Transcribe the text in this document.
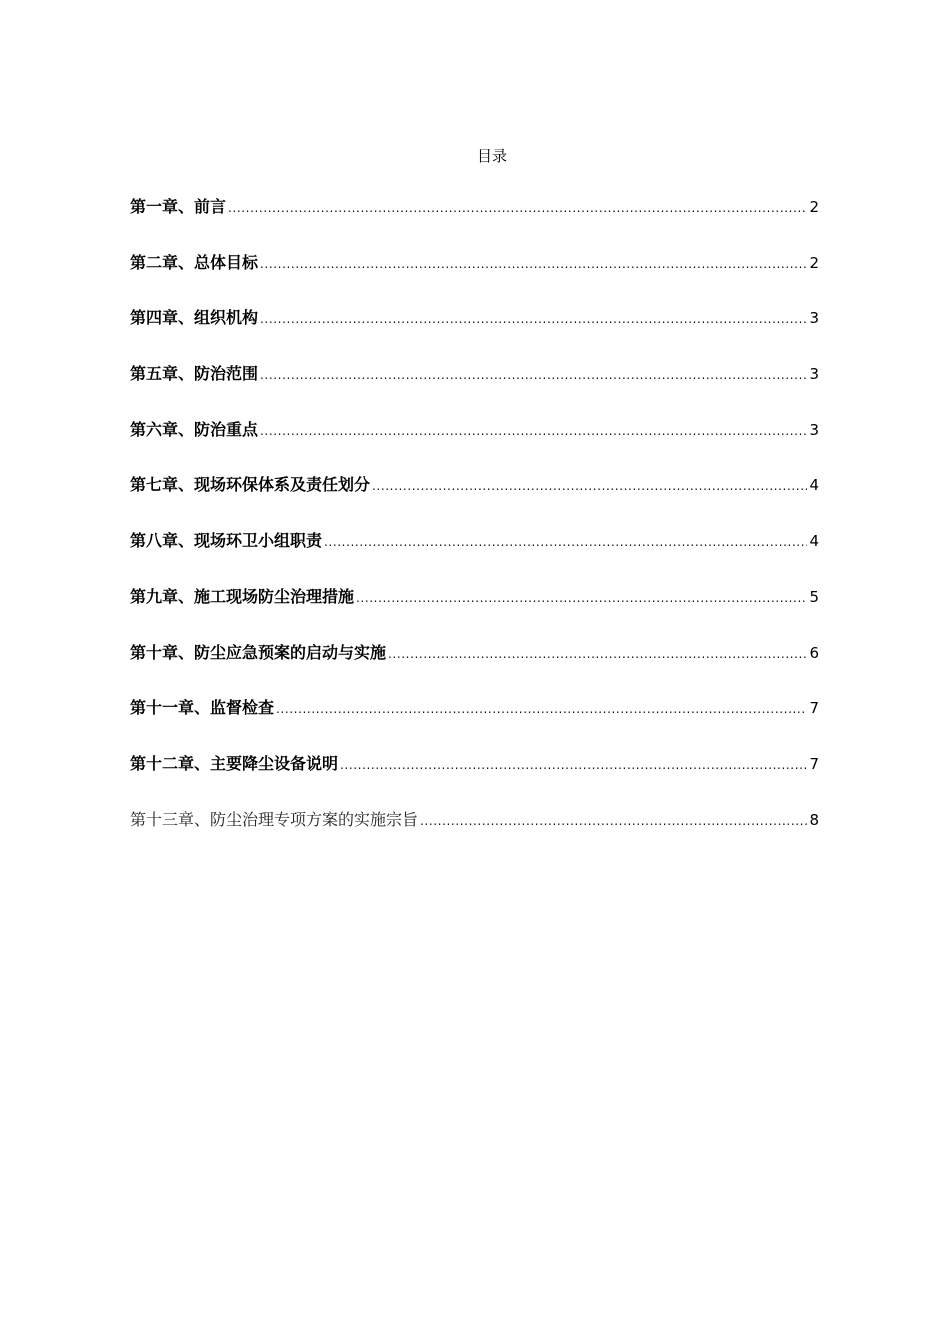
目录
第一章、前言 .....	2
第二章、总体目标 .....	2
第四章、组织机构 .....	3
第五章、防治范围 .....	3
第六章、防治重点 .....	3
第七章、现场环保体系及责任划分 .....	4
第八章、现场环卫小组职责 .....	4
第九章、施工现场防尘治理措施 .....	5
第十章、防尘应急预案的启动与实施 .....	6
第十一章、监督检查 .....	7
第十二章、主要降尘设备说明 .....	7
第十三章、防尘治理专项方案的实施宗旨 .....	8
